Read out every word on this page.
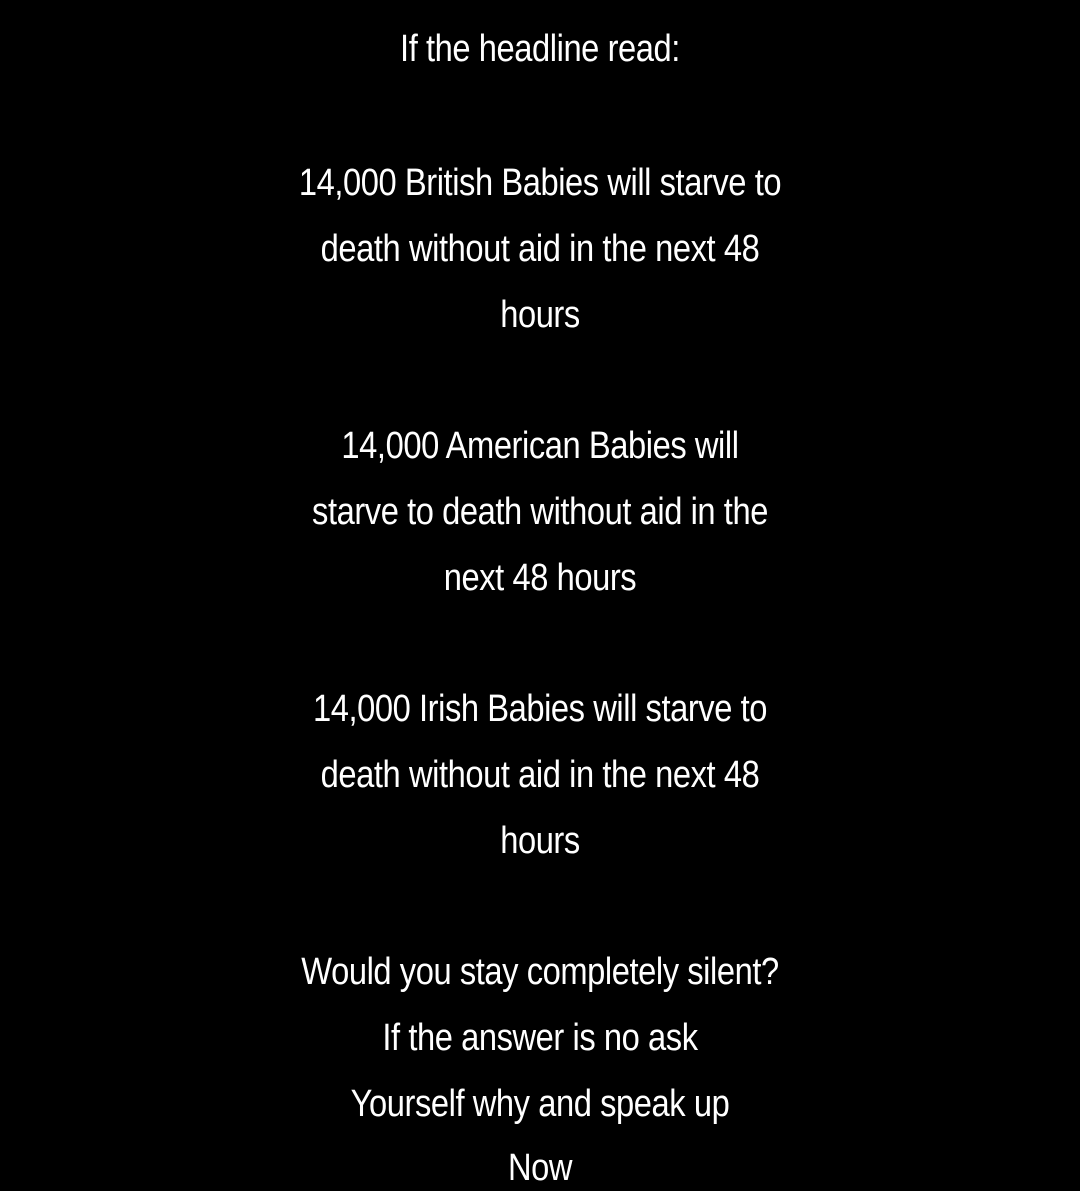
If the headline read:
14,000 British Babies will starve to
death without aid in the next 48
hours
14,000 American Babies will
starve to death without aid in the
next 48 hours
14,000 Irish Babies will starve to
death without aid in the next 48
hours
Would you stay completely silent?
If the answer is no ask
Yourself why and speak up
Now
